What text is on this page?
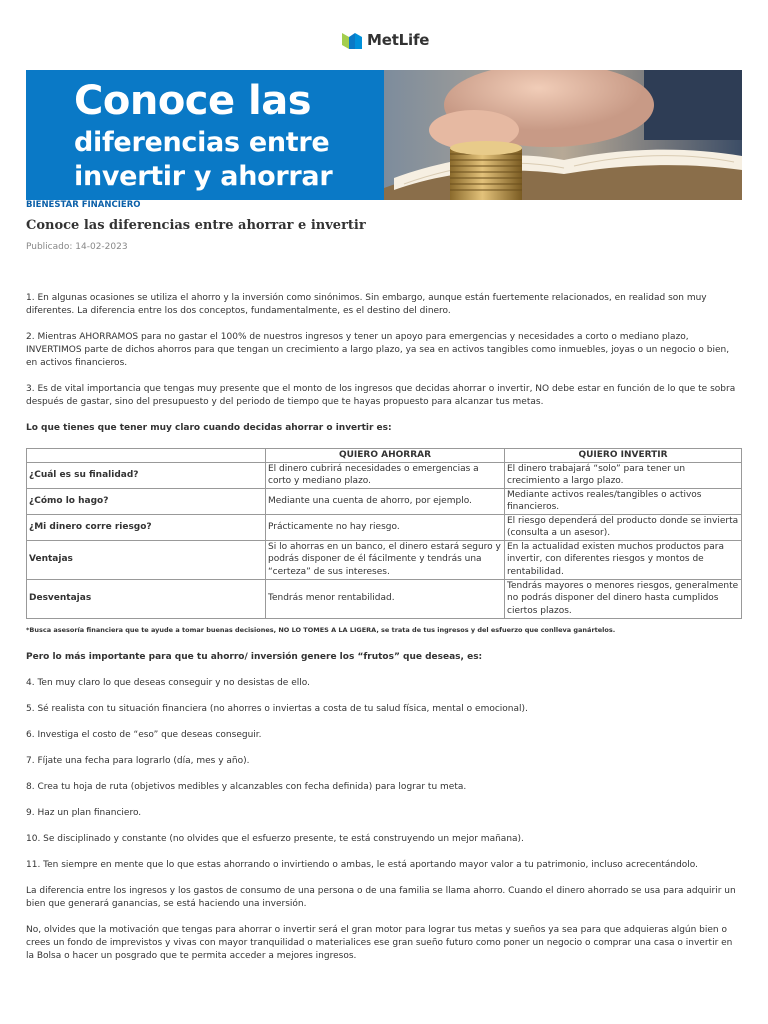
MetLife
Conoce las
diferencias entre
invertir y ahorrar
BIENESTAR FINANCIERO
Conoce las diferencias entre ahorrar e invertir
Publicado: 14-02-2023

1. En algunas ocasiones se utiliza el ahorro y la inversión como sinónimos. Sin embargo, aunque están fuertemente relacionados, en realidad son muy diferentes. La diferencia entre los dos conceptos, fundamentalmente, es el destino del dinero.

2. Mientras AHORRAMOS para no gastar el 100% de nuestros ingresos y tener un apoyo para emergencias y necesidades a corto o mediano plazo, INVERTIMOS parte de dichos ahorros para que tengan un crecimiento a largo plazo, ya sea en activos tangibles como inmuebles, joyas o un negocio o bien, en activos financieros.

3. Es de vital importancia que tengas muy presente que el monto de los ingresos que decidas ahorrar o invertir, NO debe estar en función de lo que te sobra después de gastar, sino del presupuesto y del periodo de tiempo que te hayas propuesto para alcanzar tus metas.

Lo que tienes que tener muy claro cuando decidas ahorrar o invertir es:

	QUIERO AHORRAR	QUIERO INVERTIR
¿Cuál es su finalidad?	El dinero cubrirá necesidades o emergencias a corto y mediano plazo.	El dinero trabajará “solo” para tener un crecimiento a largo plazo.
¿Cómo lo hago?	Mediante una cuenta de ahorro, por ejemplo.	Mediante activos reales/tangibles o activos financieros.
¿Mi dinero corre riesgo?	Prácticamente no hay riesgo.	El riesgo dependerá del producto donde se invierta (consulta a un asesor).
Ventajas	Si lo ahorras en un banco, el dinero estará seguro y podrás disponer de él fácilmente y tendrás una “certeza” de sus intereses.	En la actualidad existen muchos productos para invertir, con diferentes riesgos y montos de rentabilidad.
Desventajas	Tendrás menor rentabilidad.	Tendrás mayores o menores riesgos, generalmente no podrás disponer del dinero hasta cumplidos ciertos plazos.
*Busca asesoría financiera que te ayude a tomar buenas decisiones, NO LO TOMES A LA LIGERA, se trata de tus ingresos y del esfuerzo que conlleva ganártelos.

Pero lo más importante para que tu ahorro/ inversión genere los “frutos” que deseas, es:

4. Ten muy claro lo que deseas conseguir y no desistas de ello.

5. Sé realista con tu situación financiera (no ahorres o inviertas a costa de tu salud física, mental o emocional).

6. Investiga el costo de “eso” que deseas conseguir.

7. Fíjate una fecha para lograrlo (día, mes y año).

8. Crea tu hoja de ruta (objetivos medibles y alcanzables con fecha definida) para lograr tu meta.

9. Haz un plan financiero.

10. Se disciplinado y constante (no olvides que el esfuerzo presente, te está construyendo un mejor mañana).

11. Ten siempre en mente que lo que estas ahorrando o invirtiendo o ambas, le está aportando mayor valor a tu patrimonio, incluso acrecentándolo.

La diferencia entre los ingresos y los gastos de consumo de una persona o de una familia se llama ahorro. Cuando el dinero ahorrado se usa para adquirir un bien que generará ganancias, se está haciendo una inversión.

No, olvides que la motivación que tengas para ahorrar o invertir será el gran motor para lograr tus metas y sueños ya sea para que adquieras algún bien o crees un fondo de imprevistos y vivas con mayor tranquilidad o materialices ese gran sueño futuro como poner un negocio o comprar una casa o invertir en la Bolsa o hacer un posgrado que te permita acceder a mejores ingresos.
